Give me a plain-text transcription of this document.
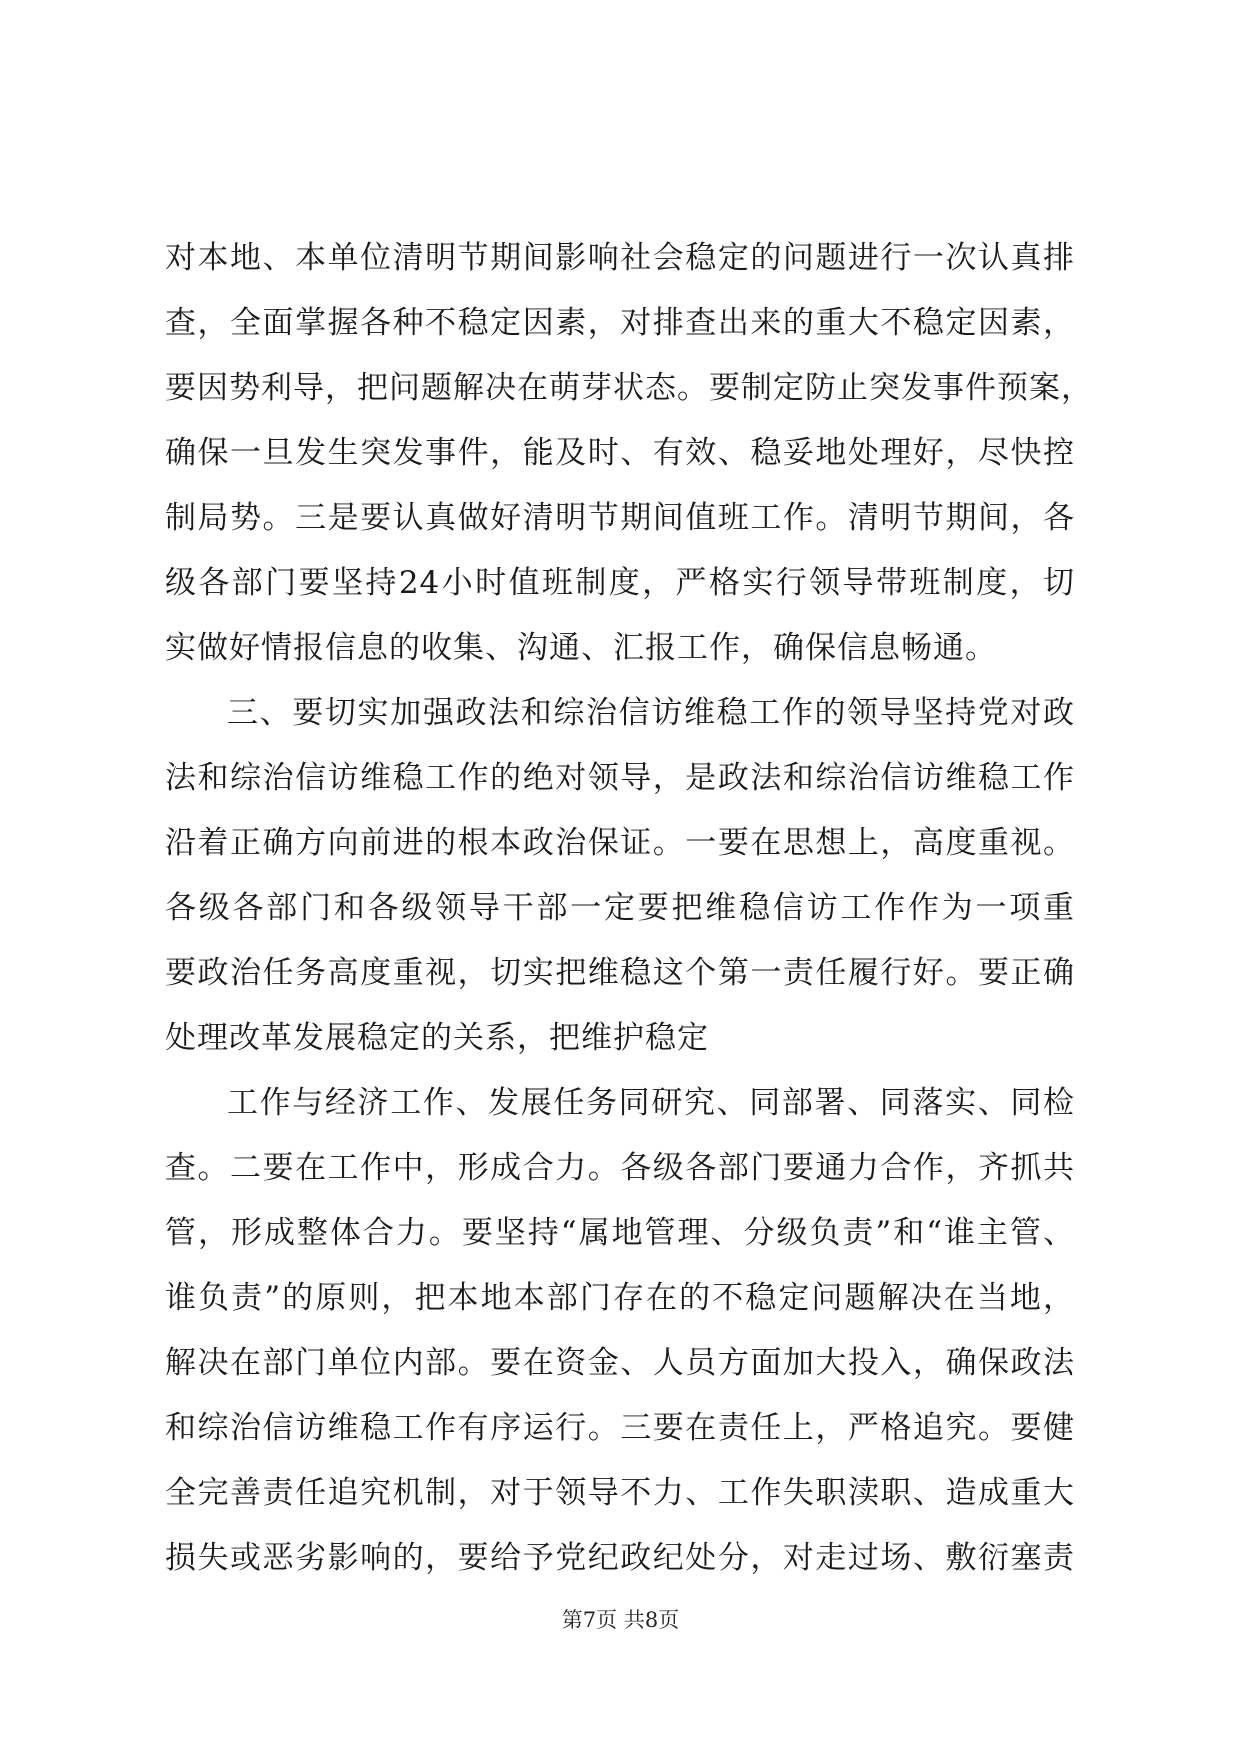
对本地、本单位清明节期间影响社会稳定的问题进行一次认真排
查，全面掌握各种不稳定因素，对排查出来的重大不稳定因素，
要因势利导，把问题解决在萌芽状态。要制定防止突发事件预案，
确保一旦发生突发事件，能及时、有效、稳妥地处理好，尽快控
制局势。三是要认真做好清明节期间值班工作。清明节期间，各
级各部门要坚持24小时值班制度，严格实行领导带班制度，切
实做好情报信息的收集、沟通、汇报工作，确保信息畅通。
三、要切实加强政法和综治信访维稳工作的领导坚持党对政
法和综治信访维稳工作的绝对领导，是政法和综治信访维稳工作
沿着正确方向前进的根本政治保证。一要在思想上，高度重视。
各级各部门和各级领导干部一定要把维稳信访工作作为一项重
要政治任务高度重视，切实把维稳这个第一责任履行好。要正确
处理改革发展稳定的关系，把维护稳定
工作与经济工作、发展任务同研究、同部署、同落实、同检
查。二要在工作中，形成合力。各级各部门要通力合作，齐抓共
管，形成整体合力。要坚持“属地管理、分级负责”和“谁主管、
谁负责”的原则，把本地本部门存在的不稳定问题解决在当地，
解决在部门单位内部。要在资金、人员方面加大投入，确保政法
和综治信访维稳工作有序运行。三要在责任上，严格追究。要健
全完善责任追究机制，对于领导不力、工作失职渎职、造成重大
损失或恶劣影响的，要给予党纪政纪处分，对走过场、敷衍塞责
第7页 共8页
